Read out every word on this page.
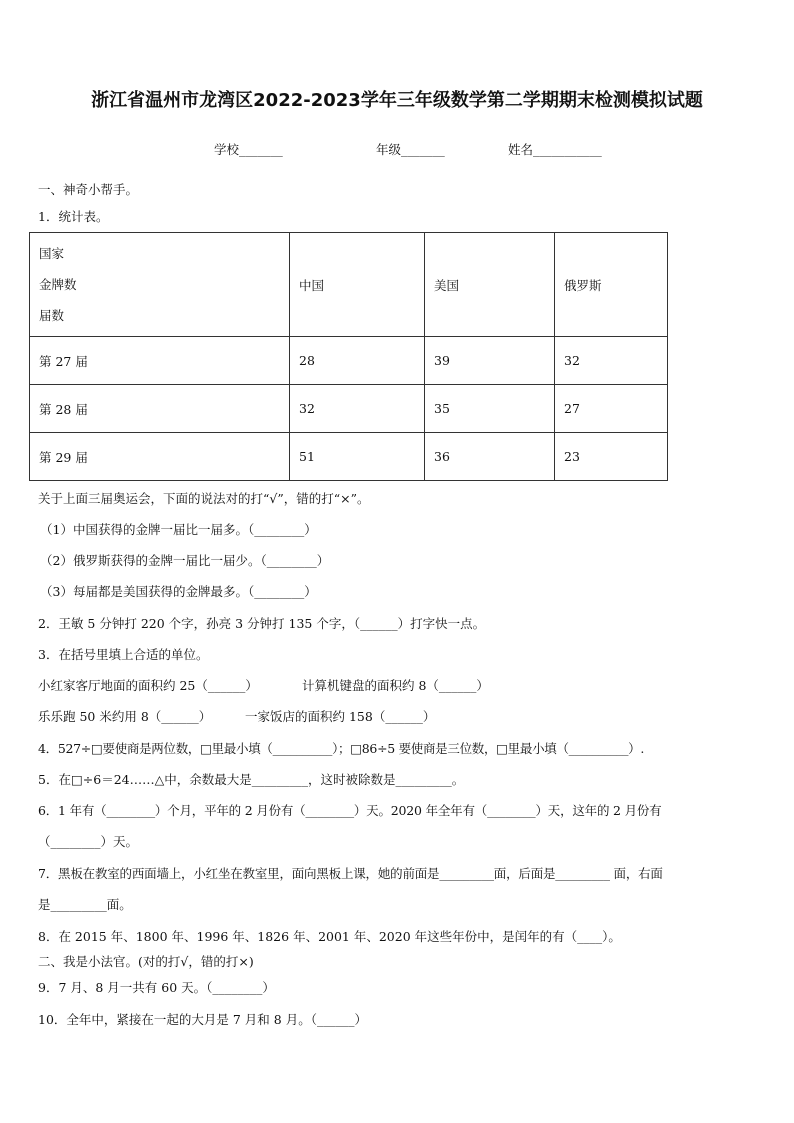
浙江省温州市龙湾区2022-2023学年三年级数学第二学期期末检测模拟试题
学校_______	年级_______	姓名___________
一、神奇小帮手。
1．统计表。
国家
金牌数
届数	中国	美国	俄罗斯
第 27 届	28	39	32
第 28 届	32	35	27
第 29 届	51	36	23
关于上面三届奥运会，下面的说法对的打“√”，错的打“×”。
（1）中国获得的金牌一届比一届多。（________）
（2）俄罗斯获得的金牌一届比一届少。（________）
（3）每届都是美国获得的金牌最多。（________）
2．王敏 5 分钟打 220 个字，孙亮 3 分钟打 135 个字，（______）打字快一点。
3．在括号里填上合适的单位。
小红家客厅地面的面积约 25（______）	计算机键盘的面积约 8（______）
乐乐跑 50 米约用 8（______）	一家饭店的面积约 158（______）
4．527÷□要使商是两位数，□里最小填（__________）；□86÷5 要使商是三位数，□里最小填（__________）.
5．在□÷6＝24……△中，余数最大是_________，这时被除数是_________。
6．1 年有（________）个月，平年的 2 月份有（________）天。2020 年全年有（________）天，这年的 2 月份有
（________）天。
7．黑板在教室的西面墙上，小红坐在教室里，面向黑板上课，她的前面是_________面，后面是_________ 面，右面
是_________面。
8．在 2015 年、1800 年、1996 年、1826 年、2001 年、2020 年这些年份中，是闰年的有（____）。
二、我是小法官。(对的打√，错的打×)
9．7 月、8 月一共有 60 天。（________）
10．全年中，紧接在一起的大月是 7 月和 8 月。（______）
